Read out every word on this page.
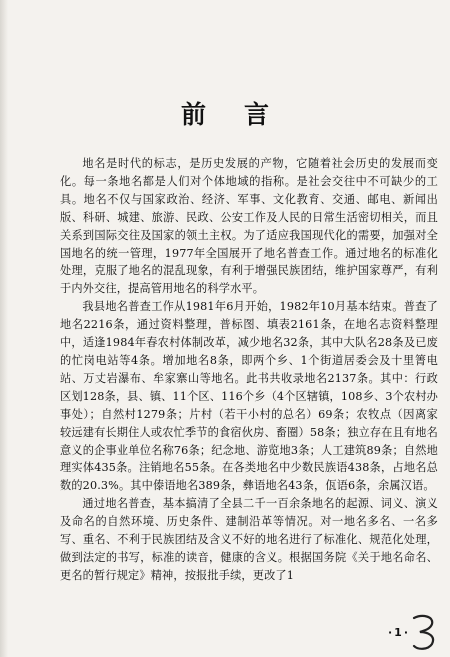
前言

地名是时代的标志，是历史发展的产物，它随着社会历史的发展而变化。每一条地名都是人们对个体地域的指称。是社会交往中不可缺少的工具。地名不仅与国家政治、经济、军事、文化教育、交通、邮电、新闻出版、科研、城建、旅游、民政、公安工作及人民的日常生活密切相关，而且关系到国际交往及国家的领土主权。为了适应我国现代化的需要，加强对全国地名的统一管理，1977年全国展开了地名普查工作。通过地名的标准化处理，克服了地名的混乱现象，有利于增强民族团结，维护国家尊严，有利于内外交往，提高管用地名的科学水平。

我县地名普查工作从1981年6月开始，1982年10月基本结束。普查了地名2216条，通过资料整理，普标图、填表2161条，在地名志资料整理中，适逢1984年春农村体制改革，减少地名32条，其中大队名28条及已废的忙岗电站等4条。增加地名8条，即两个乡、1个街道居委会及十里箐电站、万丈岩瀑布、牟家寨山等地名。此书共收录地名2137条。其中：行政区划128条，县、镇、11个区、116个乡（4个区辖镇，108乡、3个农村办事处）；自然村1279条；片村（若干小村的总名）69条；农牧点（因离家较远建有长期住人或农忙季节的食宿伙房、畜圈）58条；独立存在且有地名意义的企事业单位名称76条；纪念地、游览地3条；人工建筑89条；自然地理实体435条。注销地名55条。在各类地名中少数民族语438条，占地名总数的20.3%。其中傣语地名389条，彝语地名43条，佤语6条，余属汉语。

通过地名普查，基本搞清了全县二千一百余条地名的起源、词义、演义及命名的自然环境、历史条件、建制沿革等情况。对一地名多名、一名多写、重名、不利于民族团结及含义不好的地名进行了标准化、规范化处理，做到法定的书写，标准的读音，健康的含义。根据国务院《关于地名命名、更名的暂行规定》精神，按报批手续，更改了1

·1·
